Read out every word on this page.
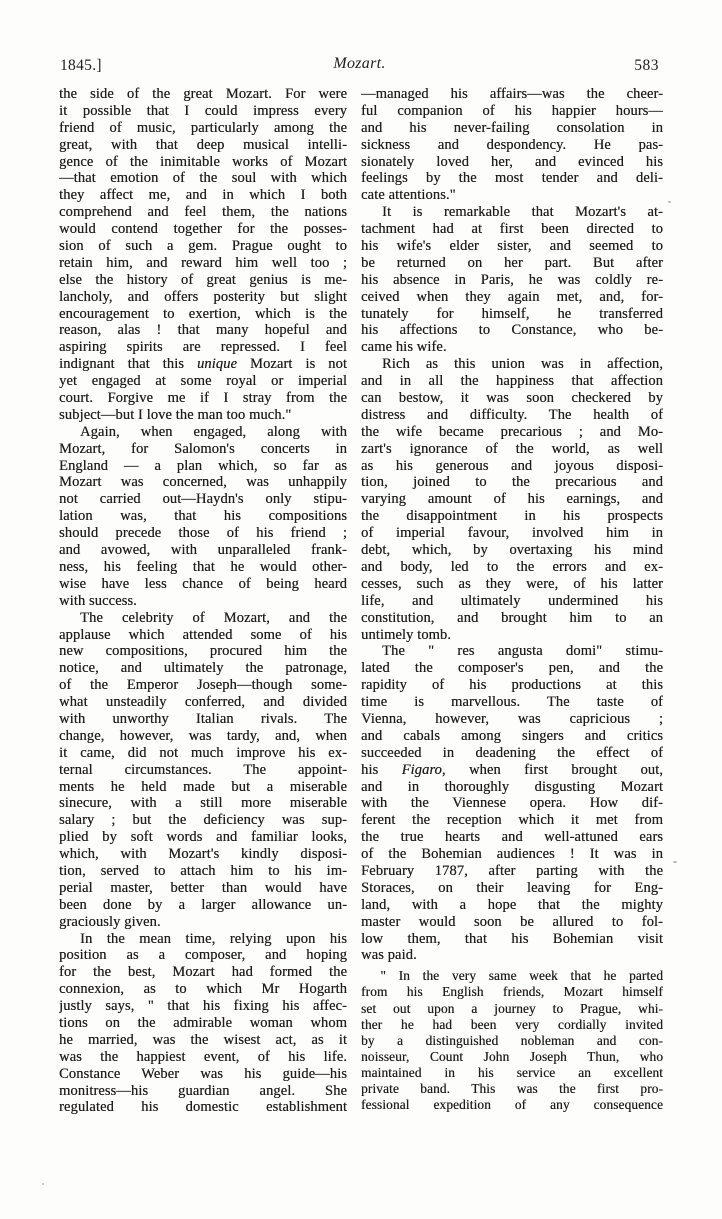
1845.]	Mozart.	583
the side of the great Mozart. For were
it possible that I could impress every
friend of music, particularly among the
great, with that deep musical intelli-
gence of the inimitable works of Mozart
—that emotion of the soul with which
they affect me, and in which I both
comprehend and feel them, the nations
would contend together for the posses-
sion of such a gem. Prague ought to
retain him, and reward him well too ;
else the history of great genius is me-
lancholy, and offers posterity but slight
encouragement to exertion, which is the
reason, alas ! that many hopeful and
aspiring spirits are repressed. I feel
indignant that this unique Mozart is not
yet engaged at some royal or imperial
court. Forgive me if I stray from the
subject—but I love the man too much."
Again, when engaged, along with
Mozart, for Salomon's concerts in
England — a plan which, so far as
Mozart was concerned, was unhappily
not carried out—Haydn's only stipu-
lation was, that his compositions
should precede those of his friend ;
and avowed, with unparalleled frank-
ness, his feeling that he would other-
wise have less chance of being heard
with success.
The celebrity of Mozart, and the
applause which attended some of his
new compositions, procured him the
notice, and ultimately the patronage,
of the Emperor Joseph—though some-
what unsteadily conferred, and divided
with unworthy Italian rivals. The
change, however, was tardy, and, when
it came, did not much improve his ex-
ternal circumstances. The appoint-
ments he held made but a miserable
sinecure, with a still more miserable
salary ; but the deficiency was sup-
plied by soft words and familiar looks,
which, with Mozart's kindly disposi-
tion, served to attach him to his im-
perial master, better than would have
been done by a larger allowance un-
graciously given.
In the mean time, relying upon his
position as a composer, and hoping
for the best, Mozart had formed the
connexion, as to which Mr Hogarth
justly says, " that his fixing his affec-
tions on the admirable woman whom
he married, was the wisest act, as it
was the happiest event, of his life.
Constance Weber was his guide—his
monitress—his guardian angel. She
regulated his domestic establishment
—managed his affairs—was the cheer-
ful companion of his happier hours—
and his never-failing consolation in
sickness and despondency. He pas-
sionately loved her, and evinced his
feelings by the most tender and deli-
cate attentions."
It is remarkable that Mozart's at-
tachment had at first been directed to
his wife's elder sister, and seemed to
be returned on her part. But after
his absence in Paris, he was coldly re-
ceived when they again met, and, for-
tunately for himself, he transferred
his affections to Constance, who be-
came his wife.
Rich as this union was in affection,
and in all the happiness that affection
can bestow, it was soon checkered by
distress and difficulty. The health of
the wife became precarious ; and Mo-
zart's ignorance of the world, as well
as his generous and joyous disposi-
tion, joined to the precarious and
varying amount of his earnings, and
the disappointment in his prospects
of imperial favour, involved him in
debt, which, by overtaxing his mind
and body, led to the errors and ex-
cesses, such as they were, of his latter
life, and ultimately undermined his
constitution, and brought him to an
untimely tomb.
The " res angusta domi" stimu-
lated the composer's pen, and the
rapidity of his productions at this
time is marvellous. The taste of
Vienna, however, was capricious ;
and cabals among singers and critics
succeeded in deadening the effect of
his Figaro, when first brought out,
and in thoroughly disgusting Mozart
with the Viennese opera. How dif-
ferent the reception which it met from
the true hearts and well-attuned ears
of the Bohemian audiences ! It was in
February 1787, after parting with the
Storaces, on their leaving for Eng-
land, with a hope that the mighty
master would soon be allured to fol-
low them, that his Bohemian visit
was paid.
" In the very same week that he parted
from his English friends, Mozart himself
set out upon a journey to Prague, whi-
ther he had been very cordially invited
by a distinguished nobleman and con-
noisseur, Count John Joseph Thun, who
maintained in his service an excellent
private band. This was the first pro-
fessional expedition of any consequence
